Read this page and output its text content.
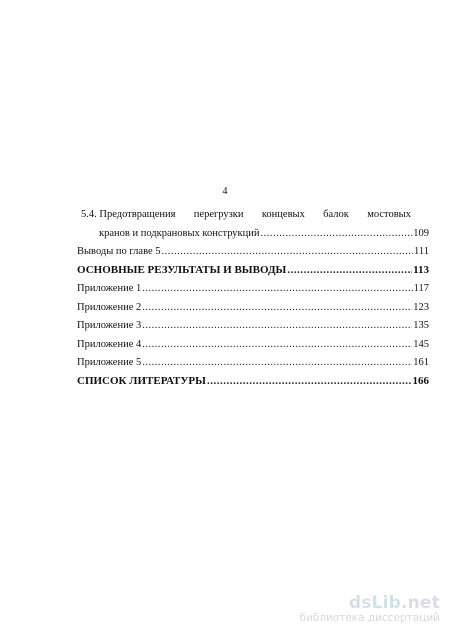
4
5.4. Предотвращения перегрузки концевых балок мостовых
кранов и подкрановых конструкций .....	109
Выводы по главе 5 .....	111
ОСНОВНЫЕ РЕЗУЛЬТАТЫ И ВЫВОДЫ .....	113
Приложение 1 .....	117
Приложение 2 .....	123
Приложение 3 .....	135
Приложение 4 .....	145
Приложение 5 .....	161
СПИСОК ЛИТЕРАТУРЫ .....	166
dsLib.net
библиотека диссертаций
